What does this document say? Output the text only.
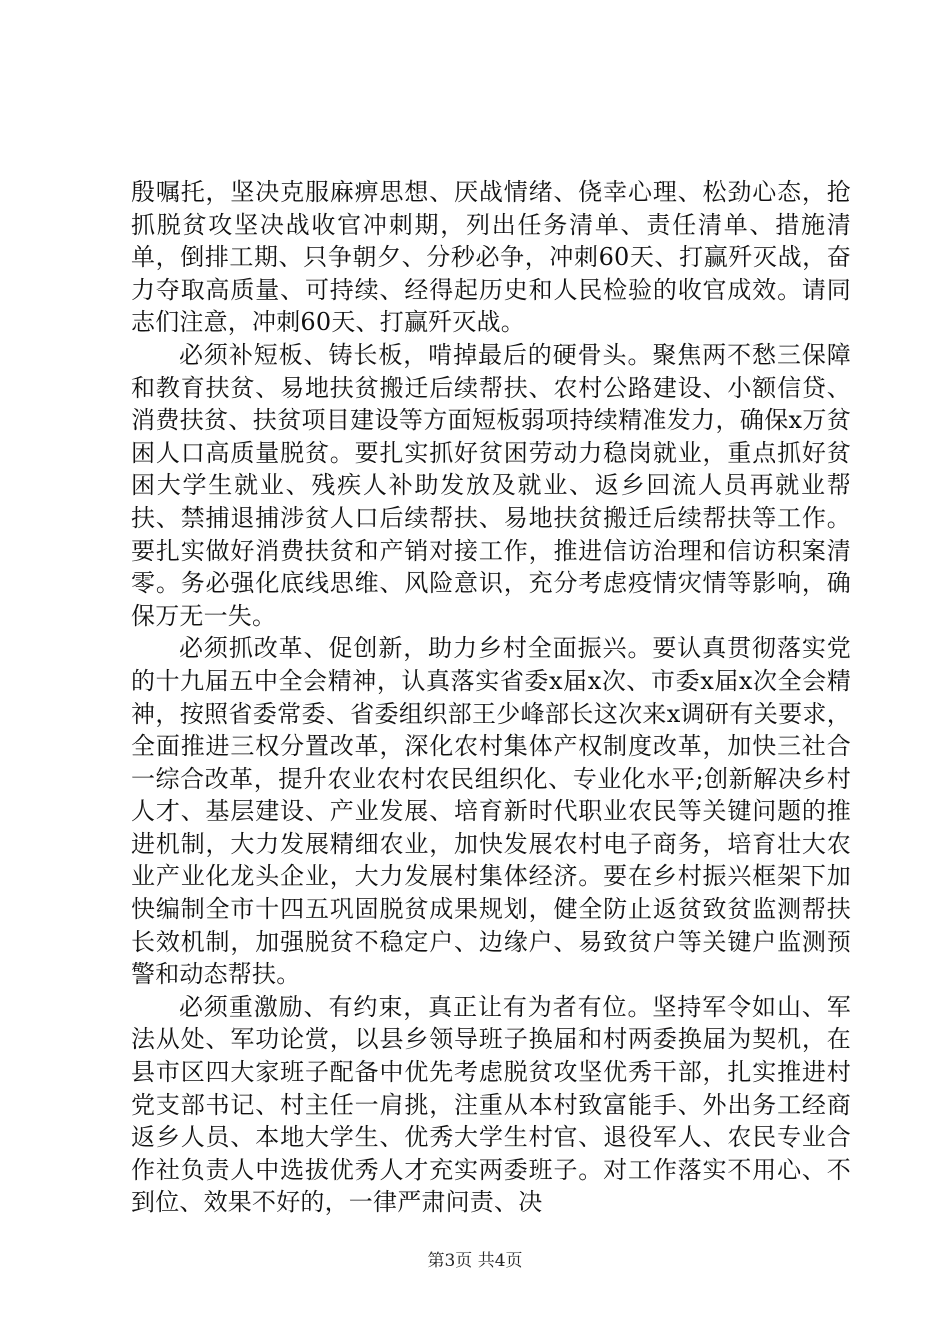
殷嘱托，坚决克服麻痹思想、厌战情绪、侥幸心理、松劲心态，抢抓脱贫攻坚决战收官冲刺期，列出任务清单、责任清单、措施清单，倒排工期、只争朝夕、分秒必争，冲刺60天、打赢歼灭战，奋力夺取高质量、可持续、经得起历史和人民检验的收官成效。请同志们注意，冲刺60天、打赢歼灭战。

必须补短板、铸长板，啃掉最后的硬骨头。聚焦两不愁三保障和教育扶贫、易地扶贫搬迁后续帮扶、农村公路建设、小额信贷、消费扶贫、扶贫项目建设等方面短板弱项持续精准发力，确保x万贫困人口高质量脱贫。要扎实抓好贫困劳动力稳岗就业，重点抓好贫困大学生就业、残疾人补助发放及就业、返乡回流人员再就业帮扶、禁捕退捕涉贫人口后续帮扶、易地扶贫搬迁后续帮扶等工作。要扎实做好消费扶贫和产销对接工作，推进信访治理和信访积案清零。务必强化底线思维、风险意识，充分考虑疫情灾情等影响，确保万无一失。

必须抓改革、促创新，助力乡村全面振兴。要认真贯彻落实党的十九届五中全会精神，认真落实省委x届x次、市委x届x次全会精神，按照省委常委、省委组织部王少峰部长这次来x调研有关要求，全面推进三权分置改革，深化农村集体产权制度改革，加快三社合一综合改革，提升农业农村农民组织化、专业化水平;创新解决乡村人才、基层建设、产业发展、培育新时代职业农民等关键问题的推进机制，大力发展精细农业，加快发展农村电子商务，培育壮大农业产业化龙头企业，大力发展村集体经济。要在乡村振兴框架下加快编制全市十四五巩固脱贫成果规划，健全防止返贫致贫监测帮扶长效机制，加强脱贫不稳定户、边缘户、易致贫户等关键户监测预警和动态帮扶。

必须重激励、有约束，真正让有为者有位。坚持军令如山、军法从处、军功论赏，以县乡领导班子换届和村两委换届为契机，在县市区四大家班子配备中优先考虑脱贫攻坚优秀干部，扎实推进村党支部书记、村主任一肩挑，注重从本村致富能手、外出务工经商返乡人员、本地大学生、优秀大学生村官、退役军人、农民专业合作社负责人中选拔优秀人才充实两委班子。对工作落实不用心、不到位、效果不好的，一律严肃问责、决

第3页 共4页
